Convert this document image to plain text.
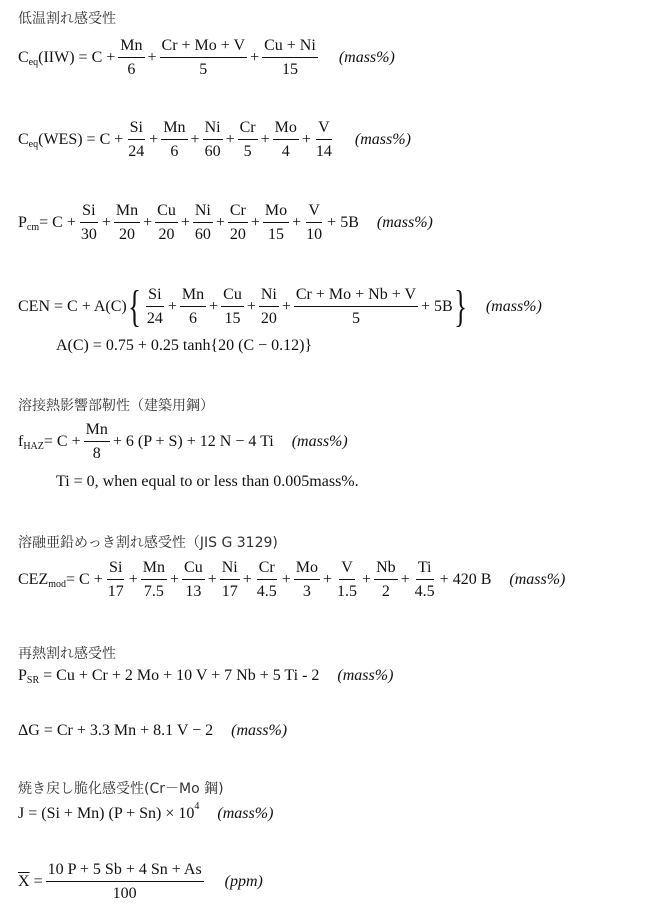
低温割れ感受性
C eq $(IIW) = C + \frac{Mn}{6} + \frac{Cr + Mo + V}{5} + \frac{Cu + Ni}{15}$ (mass%)
C eq $(WES) = C + \frac{Si}{24} + \frac{Mn}{6} + \frac{Ni}{60} + \frac{Cr}{5} + \frac{Mo}{4} + \frac{V}{14}$ (mass%)
P cm = $C + \frac{Si}{30} + \frac{Mn}{20} + \frac{Cu}{20} + \frac{Ni}{60} + \frac{Cr}{20} + \frac{Mo}{15} + \frac{V}{10} + 5B$ (mass%)
CEN = C + A(C) { $\frac{Si}{24} + \frac{Mn}{6} + \frac{Cu}{15} + \frac{Ni}{20} + \frac{Cr + Mo + Nb + V}{5} + 5B$ } (mass%)
A(C) = 0.75 + 0.25 tanh{20 (C − 0.12)}
溶接熱影響部靭性（建築用鋼）
f HAZ = $C + \frac{Mn}{8} + 6$ (P + S) + 12 N − 4 Ti (mass%)
Ti = 0, when equal to or less than 0.005mass%.
溶融亜鉛めっき割れ感受性（JIS G 3129)
CEZ mod = $C + \frac{Si}{17} + \frac{Mn}{7.5} + \frac{Cu}{13} + \frac{Ni}{17} + \frac{Cr}{4.5} + \frac{Mo}{3} + \frac{V}{1.5} + \frac{Nb}{2} + \frac{Ti}{4.5} + 420$ B (mass%)
再熱割れ感受性
P SR
= Cu + Cr + 2 Mo + 10 V + 7 Nb + 5 Ti - 2 (mass%)
ΔG = Cr + 3.3 Mn + 8.1 V − 2 (mass%)
焼き戻し脆化感受性(Cr－Mo 鋼)
J = (Si + Mn) (P + Sn) × 10 4 (mass%)
$\overline{X}$
= $\frac{10 P + 5 Sb + 4 Sn + As}{100} (ppm)$
